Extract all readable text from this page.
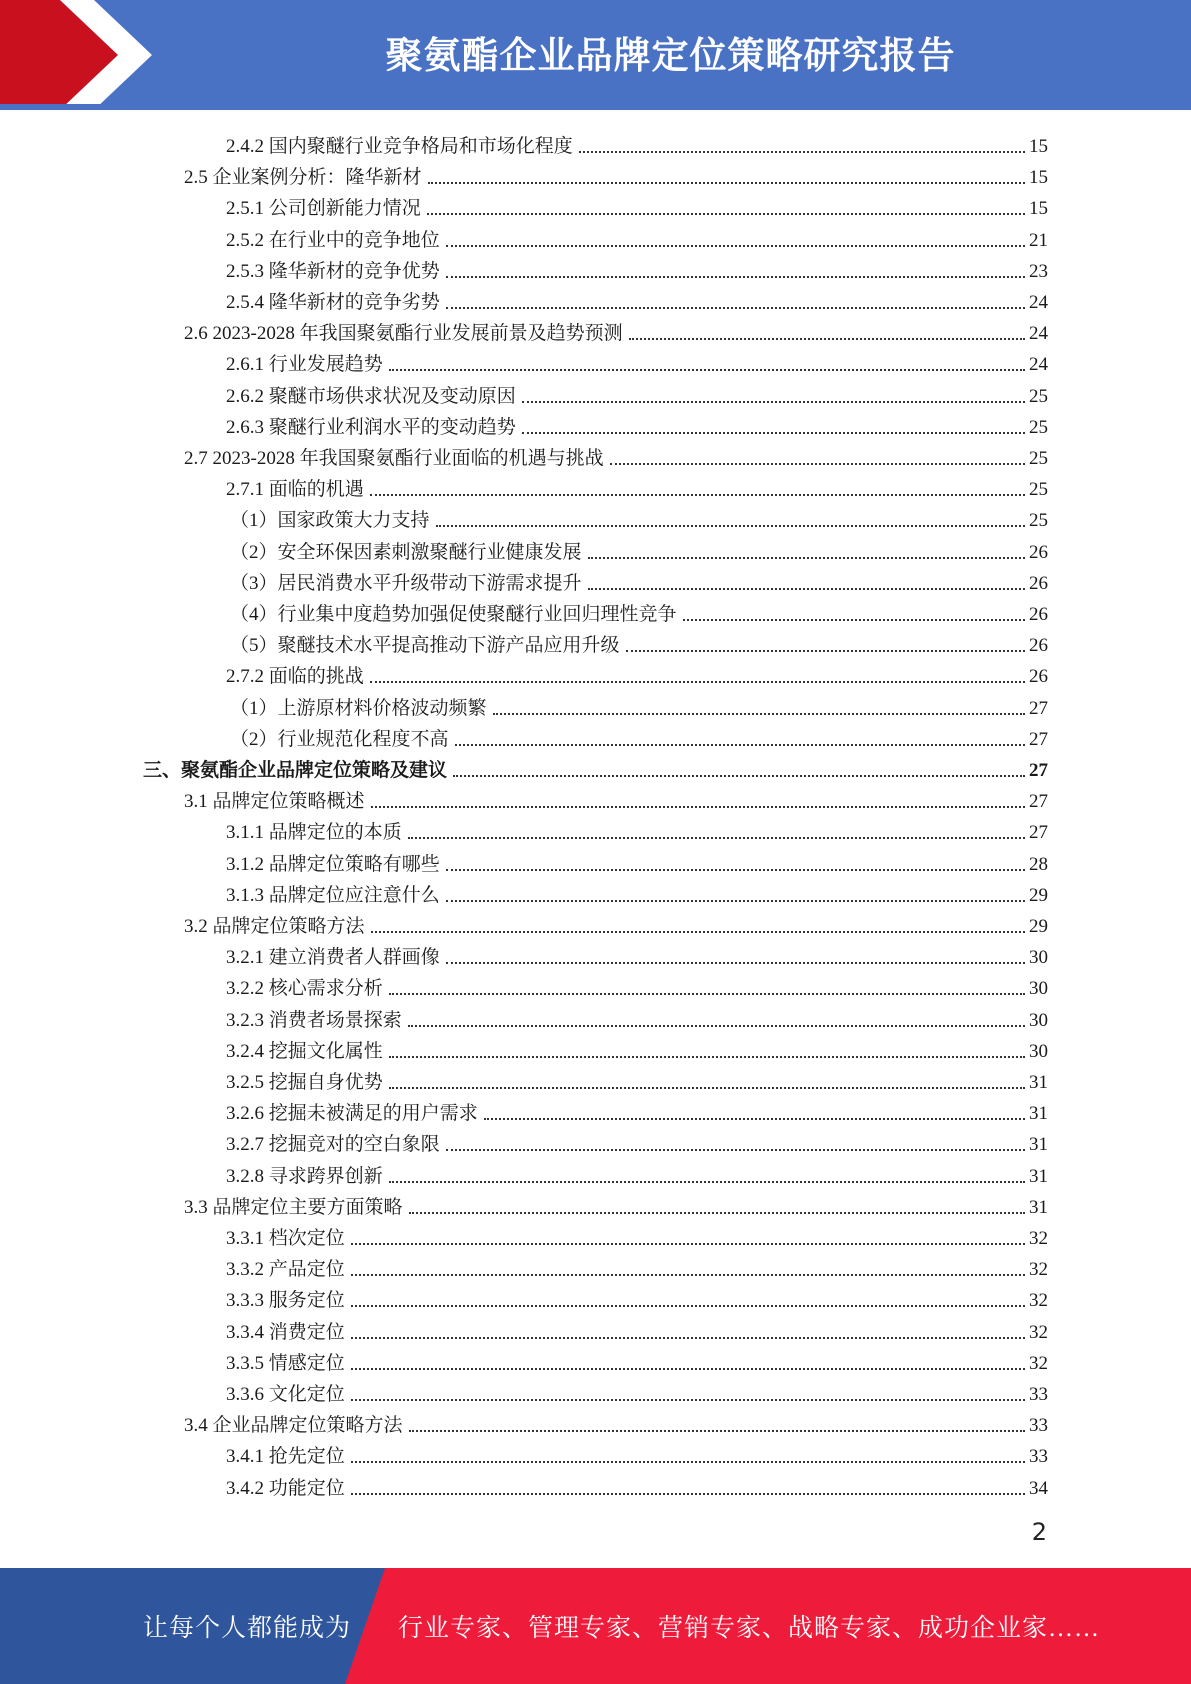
聚氨酯企业品牌定位策略研究报告
2.4.2 国内聚醚行业竞争格局和市场化程度	15
2.5 企业案例分析：隆华新材	15
2.5.1 公司创新能力情况	15
2.5.2 在行业中的竞争地位	21
2.5.3 隆华新材的竞争优势	23
2.5.4 隆华新材的竞争劣势	24
2.6 2023-2028 年我国聚氨酯行业发展前景及趋势预测	24
2.6.1 行业发展趋势	24
2.6.2 聚醚市场供求状况及变动原因	25
2.6.3 聚醚行业利润水平的变动趋势	25
2.7 2023-2028 年我国聚氨酯行业面临的机遇与挑战	25
2.7.1 面临的机遇	25
（1）国家政策大力支持	25
（2）安全环保因素刺激聚醚行业健康发展	26
（3）居民消费水平升级带动下游需求提升	26
（4）行业集中度趋势加强促使聚醚行业回归理性竞争	26
（5）聚醚技术水平提高推动下游产品应用升级	26
2.7.2 面临的挑战	26
（1）上游原材料价格波动频繁	27
（2）行业规范化程度不高	27
三、聚氨酯企业品牌定位策略及建议	27
3.1 品牌定位策略概述	27
3.1.1 品牌定位的本质	27
3.1.2 品牌定位策略有哪些	28
3.1.3 品牌定位应注意什么	29
3.2 品牌定位策略方法	29
3.2.1 建立消费者人群画像	30
3.2.2 核心需求分析	30
3.2.3 消费者场景探索	30
3.2.4 挖掘文化属性	30
3.2.5 挖掘自身优势	31
3.2.6 挖掘未被满足的用户需求	31
3.2.7 挖掘竞对的空白象限	31
3.2.8 寻求跨界创新	31
3.3 品牌定位主要方面策略	31
3.3.1 档次定位	32
3.3.2 产品定位	32
3.3.3 服务定位	32
3.3.4 消费定位	32
3.3.5 情感定位	32
3.3.6 文化定位	33
3.4 企业品牌定位策略方法	33
3.4.1 抢先定位	33
3.4.2 功能定位	34
2
让每个人都能成为 行业专家、管理专家、营销专家、战略专家、成功企业家……
